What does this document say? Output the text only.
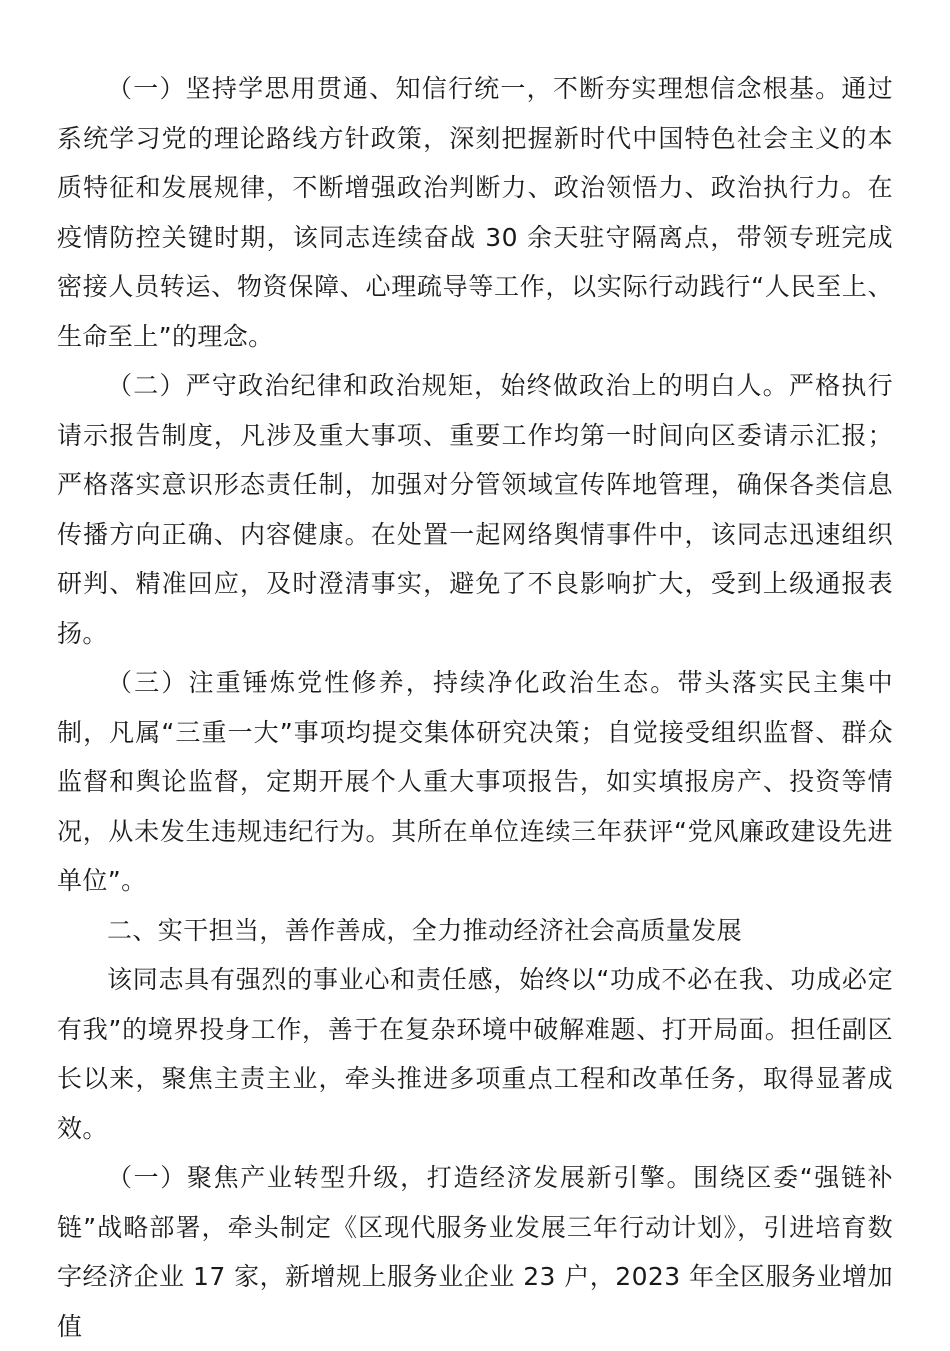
（一）坚持学思用贯通、知信行统一，不断夯实理想信念根基。通过系统学习党的理论路线方针政策，深刻把握新时代中国特色社会主义的本质特征和发展规律，不断增强政治判断力、政治领悟力、政治执行力。在疫情防控关键时期，该同志连续奋战 30 余天驻守隔离点，带领专班完成密接人员转运、物资保障、心理疏导等工作，以实际行动践行“人民至上、生命至上”的理念。

（二）严守政治纪律和政治规矩，始终做政治上的明白人。严格执行请示报告制度，凡涉及重大事项、重要工作均第一时间向区委请示汇报；严格落实意识形态责任制，加强对分管领域宣传阵地管理，确保各类信息传播方向正确、内容健康。在处置一起网络舆情事件中，该同志迅速组织研判、精准回应，及时澄清事实，避免了不良影响扩大，受到上级通报表扬。

（三）注重锤炼党性修养，持续净化政治生态。带头落实民主集中制，凡属“三重一大”事项均提交集体研究决策；自觉接受组织监督、群众监督和舆论监督，定期开展个人重大事项报告，如实填报房产、投资等情况，从未发生违规违纪行为。其所在单位连续三年获评“党风廉政建设先进单位”。

二、实干担当，善作善成，全力推动经济社会高质量发展

该同志具有强烈的事业心和责任感，始终以“功成不必在我、功成必定有我”的境界投身工作，善于在复杂环境中破解难题、打开局面。担任副区长以来，聚焦主责主业，牵头推进多项重点工程和改革任务，取得显著成效。

（一）聚焦产业转型升级，打造经济发展新引擎。围绕区委“强链补链”战略部署，牵头制定《区现代服务业发展三年行动计划》，引进培育数字经济企业 17 家，新增规上服务业企业 23 户，2023 年全区服务业增加值
